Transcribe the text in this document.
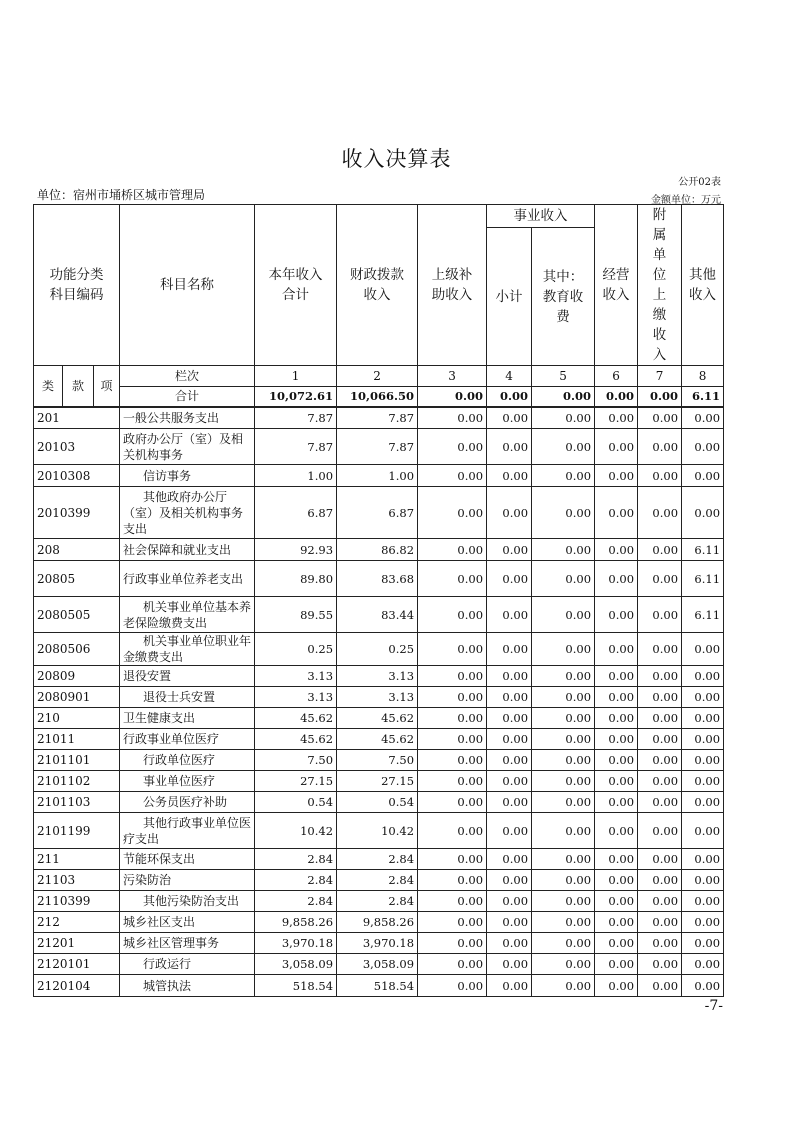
收入决算表
公开02表
单位：宿州市埇桥区城市管理局	金额单位：万元
功能分类科目编码			科目名称	本年收入合计	财政拨款收入	上级补助收入	事业收入		经营收入	附属单位上缴收入	其他收入
							小计	其中：教育收费			
类	款	项	栏次	1	2	3	4	5	6	7	8
			合计	10,072.61	10,066.50	0.00	0.00	0.00	0.00	0.00	6.11
201			一般公共服务支出	7.87	7.87	0.00	0.00	0.00	0.00	0.00	0.00
20103			政府办公厅（室）及相关机构事务	7.87	7.87	0.00	0.00	0.00	0.00	0.00	0.00
2010308			信访事务	1.00	1.00	0.00	0.00	0.00	0.00	0.00	0.00
2010399			其他政府办公厅（室）及相关机构事务支出	6.87	6.87	0.00	0.00	0.00	0.00	0.00	0.00
208			社会保障和就业支出	92.93	86.82	0.00	0.00	0.00	0.00	0.00	6.11
20805			行政事业单位养老支出	89.80	83.68	0.00	0.00	0.00	0.00	0.00	6.11
2080505			机关事业单位基本养老保险缴费支出	89.55	83.44	0.00	0.00	0.00	0.00	0.00	6.11
2080506			机关事业单位职业年金缴费支出	0.25	0.25	0.00	0.00	0.00	0.00	0.00	0.00
20809			退役安置	3.13	3.13	0.00	0.00	0.00	0.00	0.00	0.00
2080901			退役士兵安置	3.13	3.13	0.00	0.00	0.00	0.00	0.00	0.00
210			卫生健康支出	45.62	45.62	0.00	0.00	0.00	0.00	0.00	0.00
21011			行政事业单位医疗	45.62	45.62	0.00	0.00	0.00	0.00	0.00	0.00
2101101			行政单位医疗	7.50	7.50	0.00	0.00	0.00	0.00	0.00	0.00
2101102			事业单位医疗	27.15	27.15	0.00	0.00	0.00	0.00	0.00	0.00
2101103			公务员医疗补助	0.54	0.54	0.00	0.00	0.00	0.00	0.00	0.00
2101199			其他行政事业单位医疗支出	10.42	10.42	0.00	0.00	0.00	0.00	0.00	0.00
211			节能环保支出	2.84	2.84	0.00	0.00	0.00	0.00	0.00	0.00
21103			污染防治	2.84	2.84	0.00	0.00	0.00	0.00	0.00	0.00
2110399			其他污染防治支出	2.84	2.84	0.00	0.00	0.00	0.00	0.00	0.00
212			城乡社区支出	9,858.26	9,858.26	0.00	0.00	0.00	0.00	0.00	0.00
21201			城乡社区管理事务	3,970.18	3,970.18	0.00	0.00	0.00	0.00	0.00	0.00
2120101			行政运行	3,058.09	3,058.09	0.00	0.00	0.00	0.00	0.00	0.00
2120104			城管执法	518.54	518.54	0.00	0.00	0.00	0.00	0.00	0.00
-7-
